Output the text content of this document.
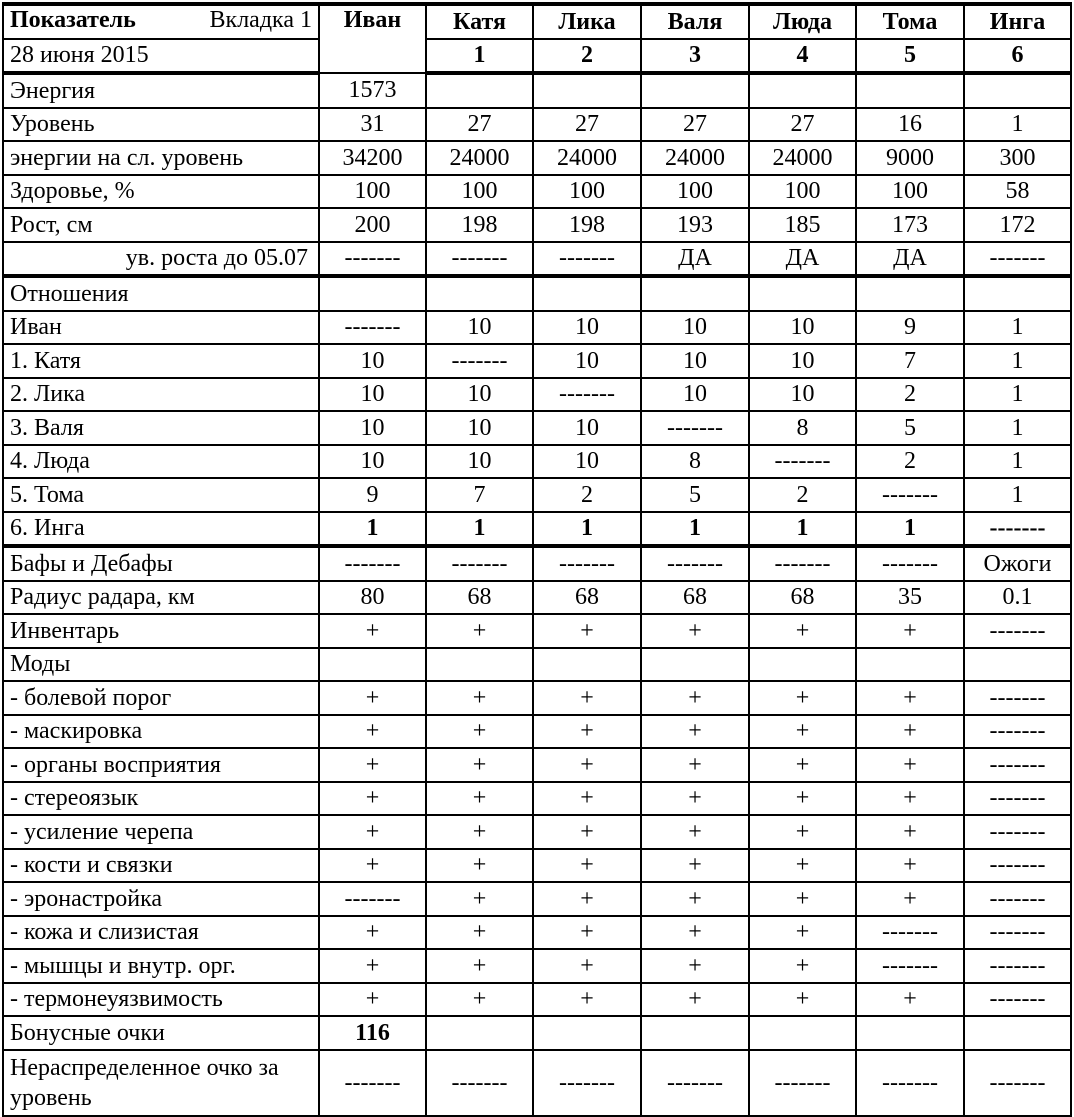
Показатель Вкладка 1	Иван	Катя	Лика	Валя	Люда	Тома	Инга
28 июня 2015		1	2	3	4	5	6
Энергия	1573						
Уровень	31	27	27	27	27	16	1
энергии на сл. уровень	34200	24000	24000	24000	24000	9000	300
Здоровье, %	100	100	100	100	100	100	58
Рост, см	200	198	198	193	185	173	172
ув. роста до 05.07	-------	-------	-------	ДА	ДА	ДА	-------
Отношения							
Иван	-------	10	10	10	10	9	1
1. Катя	10	-------	10	10	10	7	1
2. Лика	10	10	-------	10	10	2	1
3. Валя	10	10	10	-------	8	5	1
4. Люда	10	10	10	8	-------	2	1
5. Тома	9	7	2	5	2	-------	1
6. Инга	1	1	1	1	1	1	-------
Бафы и Дебафы	-------	-------	-------	-------	-------	-------	Ожоги
Радиус радара, км	80	68	68	68	68	35	0.1
Инвентарь	+	+	+	+	+	+	-------
Моды							
- болевой порог	+	+	+	+	+	+	-------
- маскировка	+	+	+	+	+	+	-------
- органы восприятия	+	+	+	+	+	+	-------
- стереоязык	+	+	+	+	+	+	-------
- усиление черепа	+	+	+	+	+	+	-------
- кости и связки	+	+	+	+	+	+	-------
- эронастройка	-------	+	+	+	+	+	-------
- кожа и слизистая	+	+	+	+	+	-------	-------
- мышцы и внутр. орг.	+	+	+	+	+	-------	-------
- термонеуязвимость	+	+	+	+	+	+	-------
Бонусные очки	116						
Нераспределенное очко за уровень	-------	-------	-------	-------	-------	-------	-------
